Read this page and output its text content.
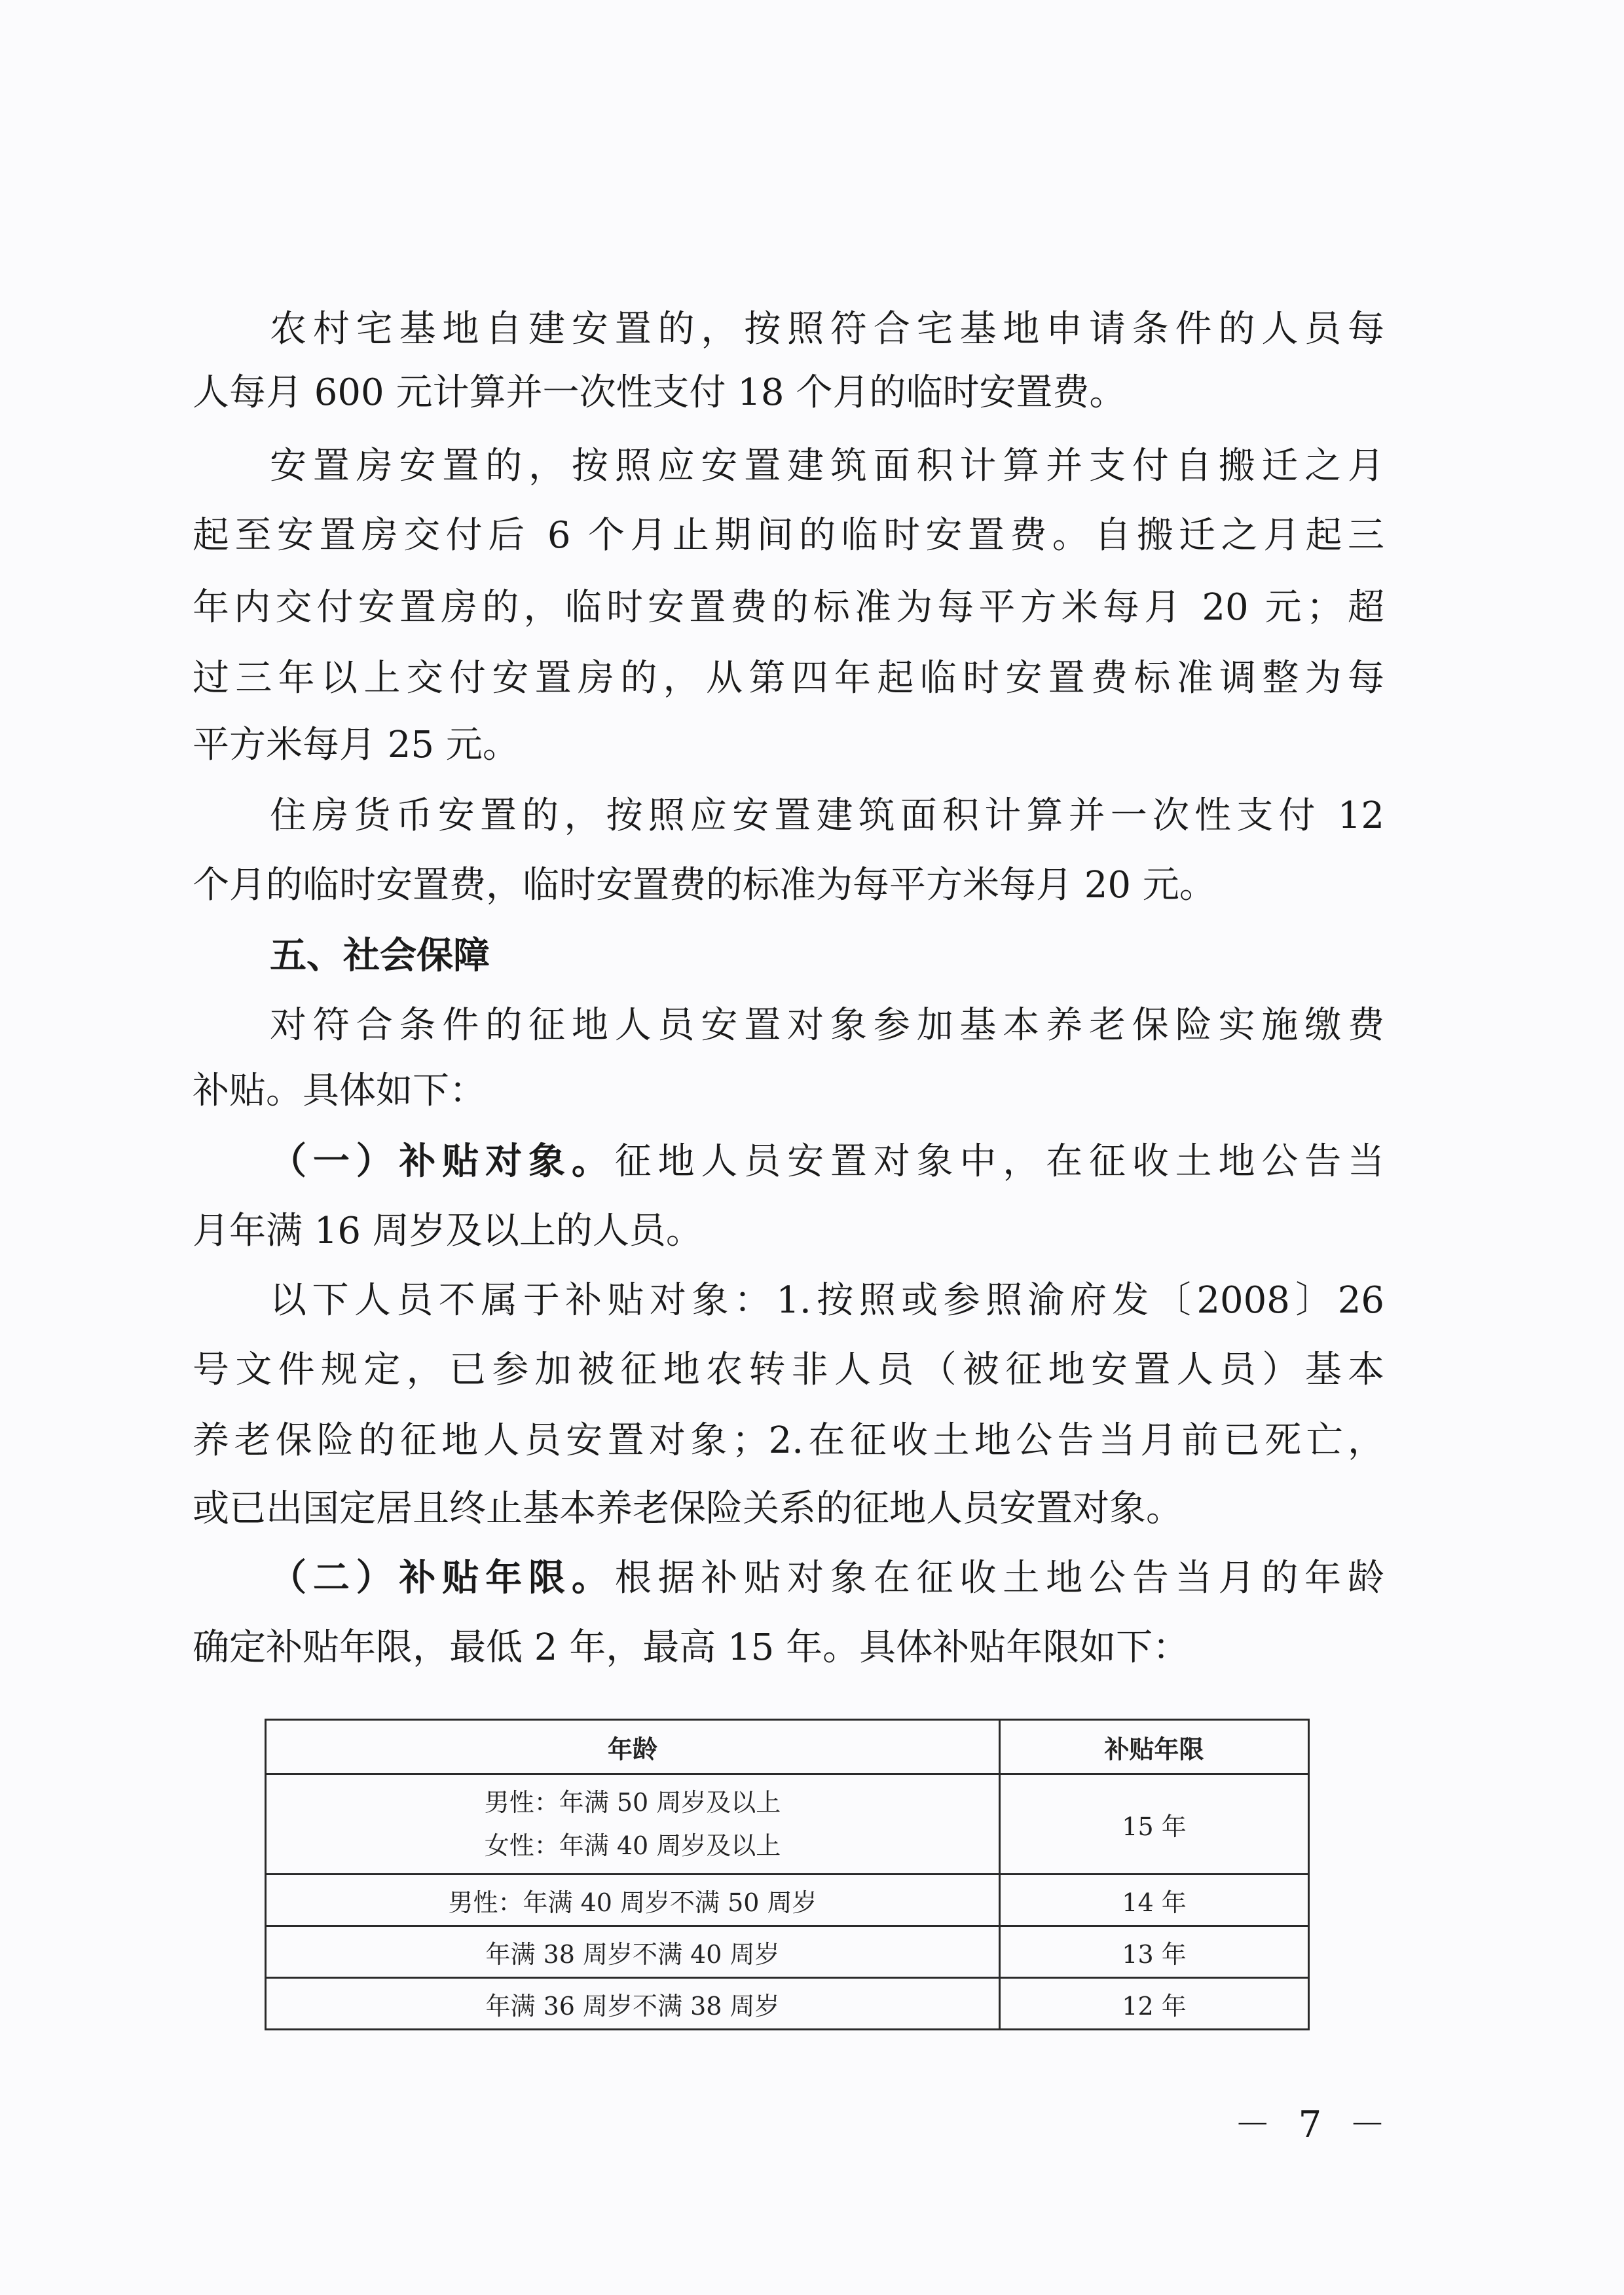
农村宅基地自建安置的，按照符合宅基地申请条件的人员每
人每月 600 元计算并一次性支付 18 个月的临时安置费。
安置房安置的，按照应安置建筑面积计算并支付自搬迁之月
起至安置房交付后 6 个月止期间的临时安置费。自搬迁之月起三
年内交付安置房的，临时安置费的标准为每平方米每月 20 元；超
过三年以上交付安置房的，从第四年起临时安置费标准调整为每
平方米每月 25 元。
住房货币安置的，按照应安置建筑面积计算并一次性支付 12
个月的临时安置费，临时安置费的标准为每平方米每月 20 元。
五、社会保障
对符合条件的征地人员安置对象参加基本养老保险实施缴费
补贴。具体如下：
（一）补贴对象。征地人员安置对象中，在征收土地公告当
月年满 16 周岁及以上的人员。
以下人员不属于补贴对象：1.按照或参照渝府发〔2008〕26
号文件规定，已参加被征地农转非人员（被征地安置人员）基本
养老保险的征地人员安置对象；2.在征收土地公告当月前已死亡，
或已出国定居且终止基本养老保险关系的征地人员安置对象。
（二）补贴年限。根据补贴对象在征收土地公告当月的年龄
确定补贴年限，最低 2 年，最高 15 年。具体补贴年限如下：
年龄	补贴年限

男性：年满 50 周岁及以上
女性：年满 40 周岁及以上	15 年
男性：年满 40 周岁不满 50 周岁	14 年
年满 38 周岁不满 40 周岁	13 年
年满 36 周岁不满 38 周岁	12 年
－ 7 －
